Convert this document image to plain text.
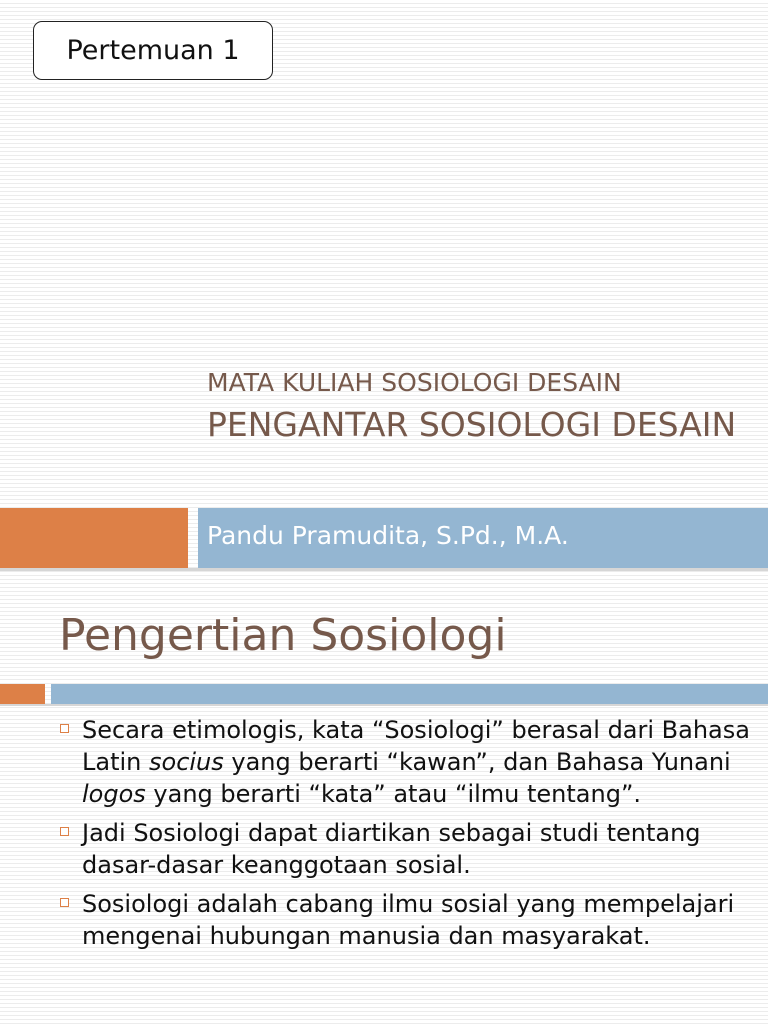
Pertemuan 1
MATA KULIAH SOSIOLOGI DESAIN
PENGANTAR SOSIOLOGI DESAIN
Pandu Pramudita, S.Pd., M.A.
Pengertian Sosiologi
Secara etimologis, kata “Sosiologi” berasal dari Bahasa Latin socius yang berarti “kawan”, dan Bahasa Yunani logos yang berarti “kata” atau “ilmu tentang”.
Jadi Sosiologi dapat diartikan sebagai studi tentang dasar-dasar keanggotaan sosial.
Sosiologi adalah cabang ilmu sosial yang mempelajari mengenai hubungan manusia dan masyarakat.
